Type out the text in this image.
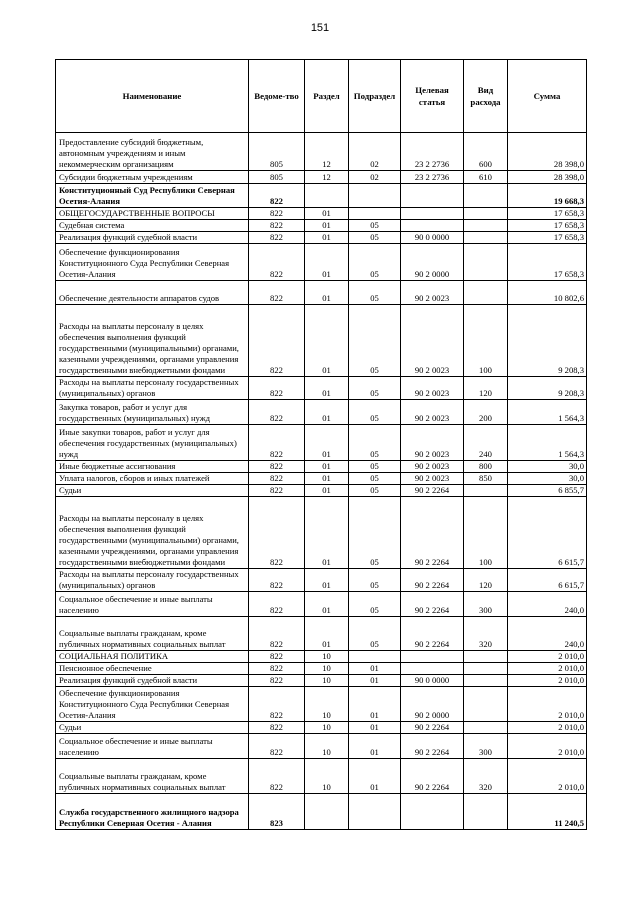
151
Наименование	Ведоме-тво	Раздел	Подраздел	Целевая статья	Вид расхода	Сумма
Предоставление субсидий бюджетным, автономным учреждениям и иным некоммерческим организациям	805	12	02	23 2 2736	600	28 398,0
Субсидии бюджетным учреждениям	805	12	02	23 2 2736	610	28 398,0
Конституционный Суд Республики Северная Осетия-Алания	822					19 668,3
ОБЩЕГОСУДАРСТВЕННЫЕ ВОПРОСЫ	822	01				17 658,3
Судебная система	822	01	05			17 658,3
Реализация функций судебной власти	822	01	05	90 0 0000		17 658,3
Обеспечение функционирования Конституционного Суда Республики Северная Осетия-Алания	822	01	05	90 2 0000		17 658,3
Обеспечение деятельности аппаратов судов	822	01	05	90 2 0023		10 802,6
Расходы на выплаты персоналу в целях обеспечения выполнения функций государственными (муниципальными) органами, казенными учреждениями, органами управления государственными внебюджетными фондами	822	01	05	90 2 0023	100	9 208,3
Расходы на выплаты персоналу государственных (муниципальных) органов	822	01	05	90 2 0023	120	9 208,3
Закупка товаров, работ и услуг для государственных (муниципальных) нужд	822	01	05	90 2 0023	200	1 564,3
Иные закупки товаров, работ и услуг для обеспечения государственных (муниципальных) нужд	822	01	05	90 2 0023	240	1 564,3
Иные бюджетные ассигнования	822	01	05	90 2 0023	800	30,0
Уплата налогов, сборов и иных платежей	822	01	05	90 2 0023	850	30,0
Судьи	822	01	05	90 2 2264		6 855,7
Расходы на выплаты персоналу в целях обеспечения выполнения функций государственными (муниципальными) органами, казенными учреждениями, органами управления государственными внебюджетными фондами	822	01	05	90 2 2264	100	6 615,7
Расходы на выплаты персоналу государственных (муниципальных) органов	822	01	05	90 2 2264	120	6 615,7
Социальное обеспечение и иные выплаты населению	822	01	05	90 2 2264	300	240,0
Социальные выплаты гражданам, кроме публичных нормативных социальных выплат	822	01	05	90 2 2264	320	240,0
СОЦИАЛЬНАЯ ПОЛИТИКА	822	10				2 010,0
Пенсионное обеспечение	822	10	01			2 010,0
Реализация функций судебной власти	822	10	01	90 0 0000		2 010,0
Обеспечение функционирования Конституционного Суда Республики Северная Осетия-Алания	822	10	01	90 2 0000		2 010,0
Судьи	822	10	01	90 2 2264		2 010,0
Социальное обеспечение и иные выплаты населению	822	10	01	90 2 2264	300	2 010,0
Социальные выплаты гражданам, кроме публичных нормативных социальных выплат	822	10	01	90 2 2264	320	2 010,0
Служба государственного жилищного надзора Республики Северная Осетия - Алания	823					11 240,5
